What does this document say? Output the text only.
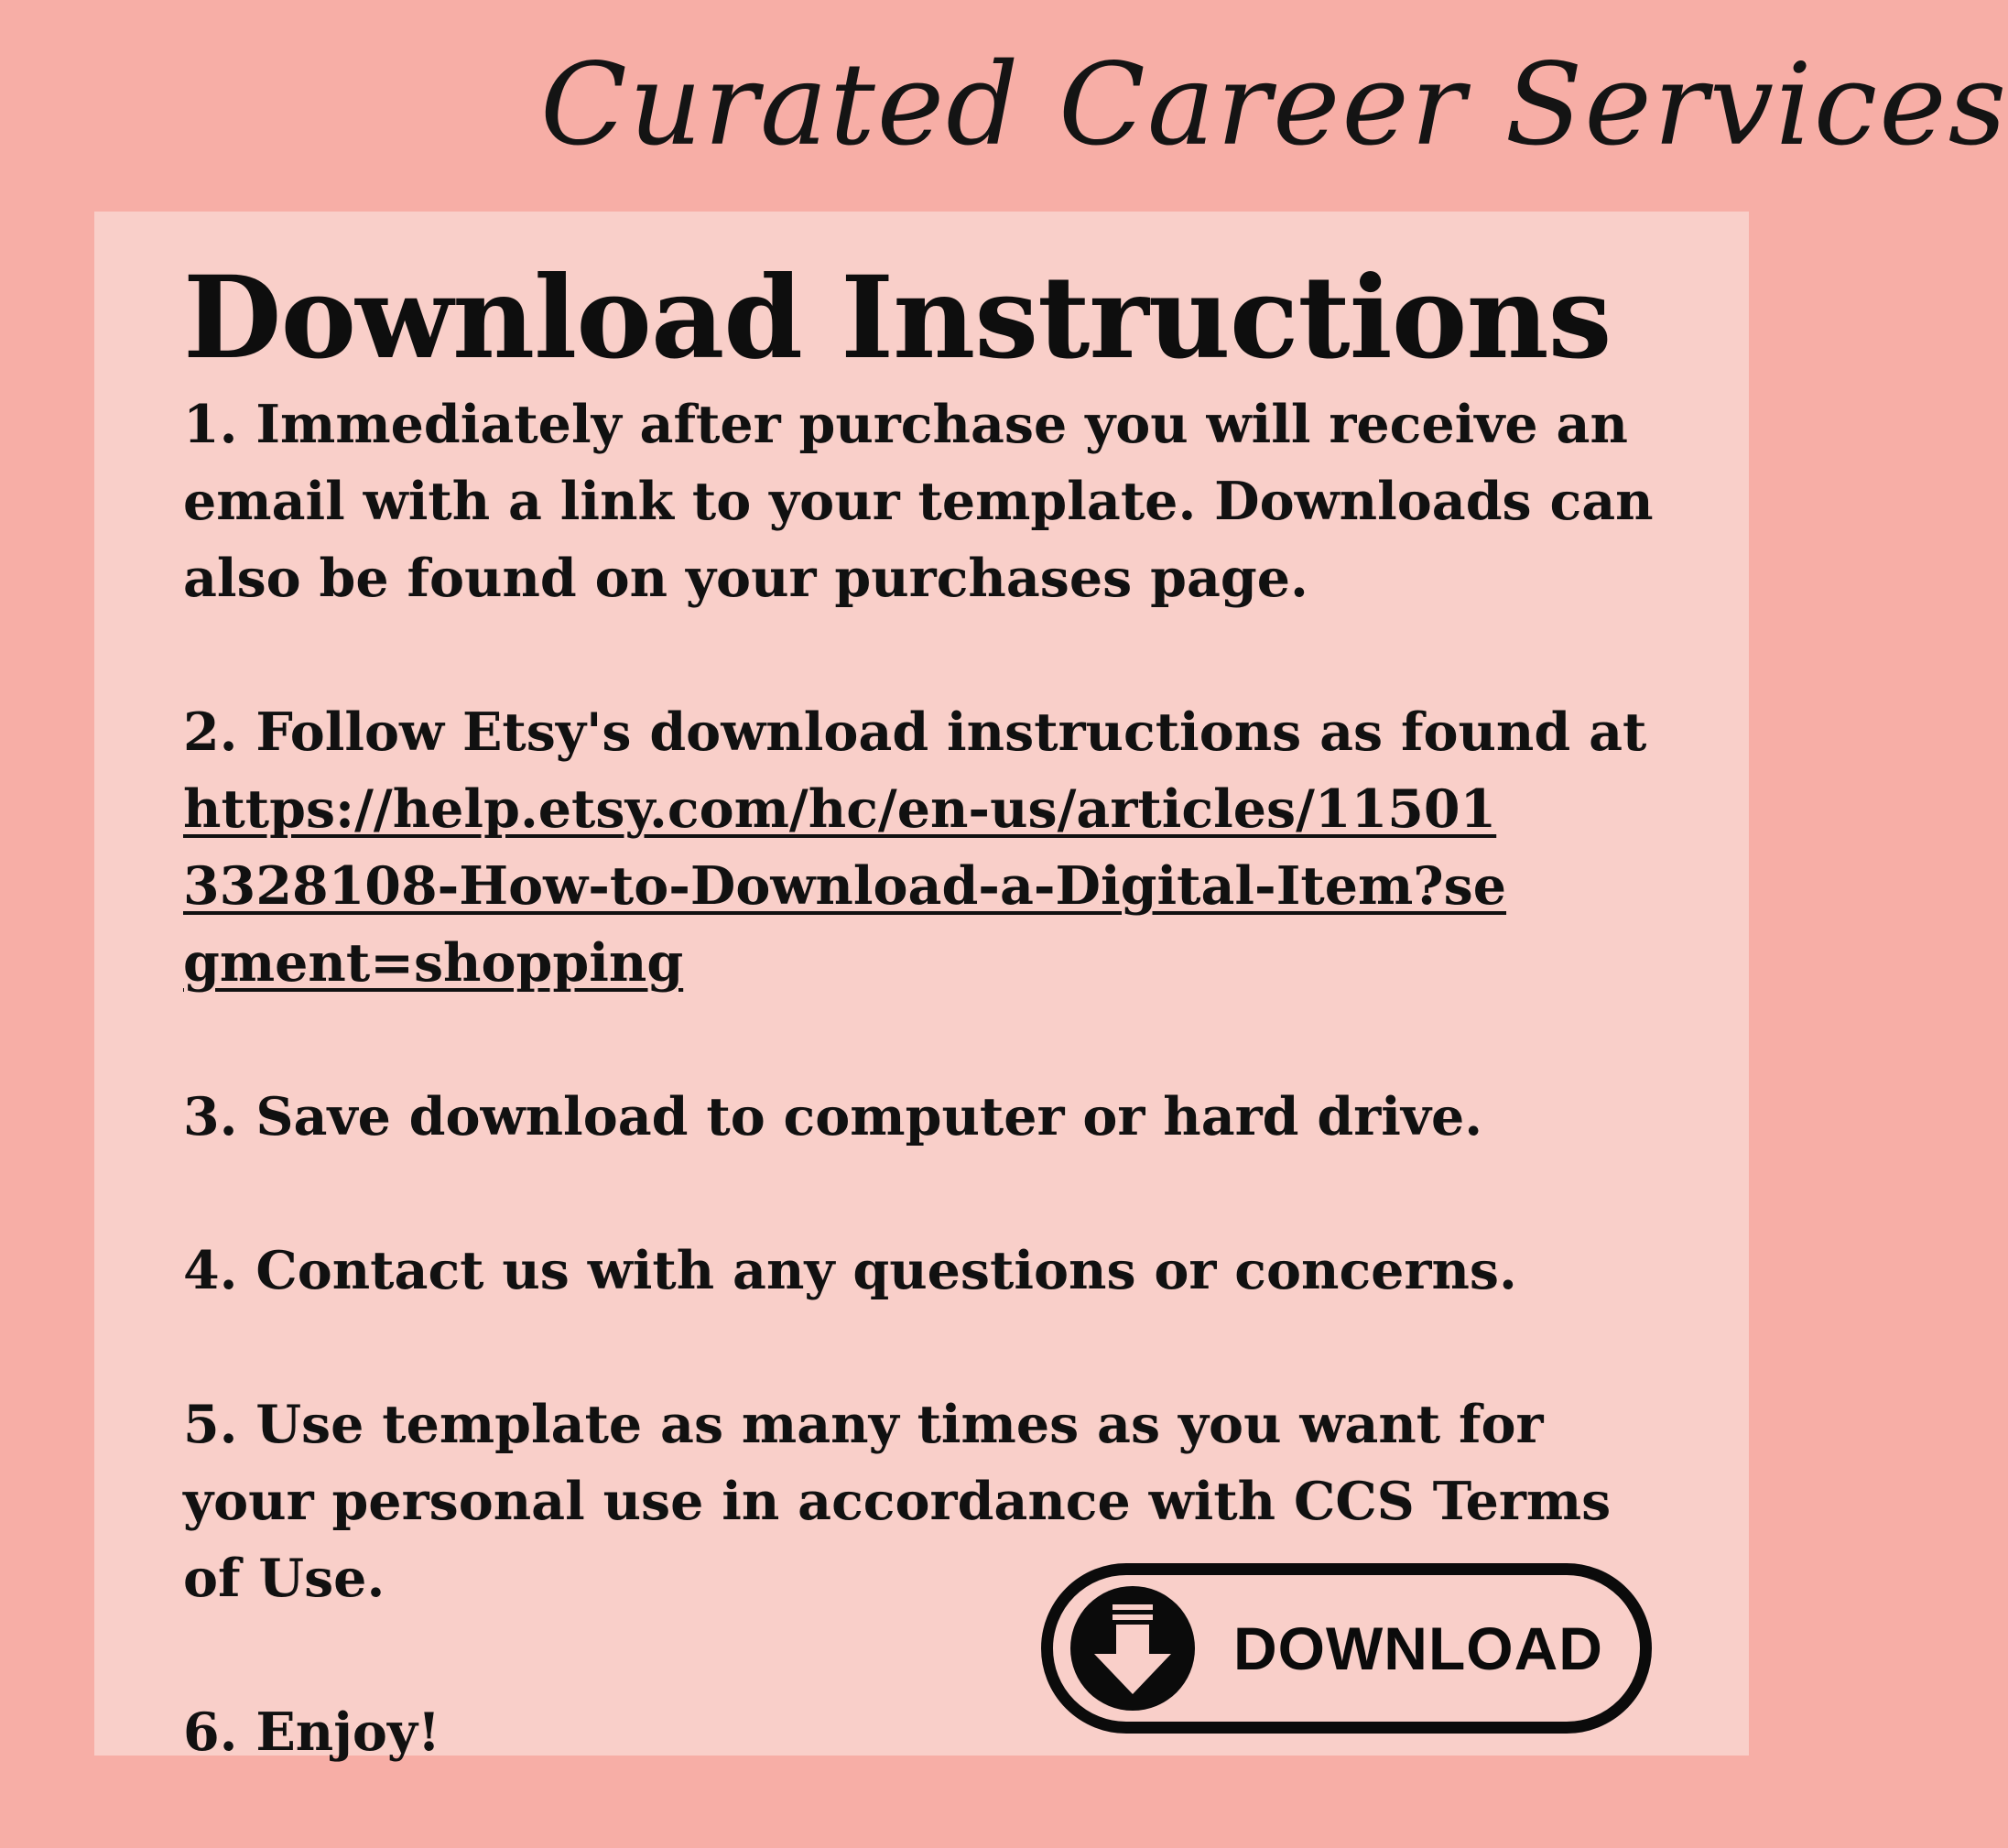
Curated Career Services
Download Instructions

1. Immediately after purchase you will receive an email with a link to your template. Downloads can also be found on your purchases page.

2. Follow Etsy's download instructions as found at

https://help.etsy.com/hc/en-us/articles/115013328108-How-to-Download-a-Digital-Item?segment=shopping

3. Save download to computer or hard drive.

4. Contact us with any questions or concerns.

5. Use template as many times as you want for your personal use in accordance with CCS Terms of Use.

6. Enjoy!

DOWNLOAD
